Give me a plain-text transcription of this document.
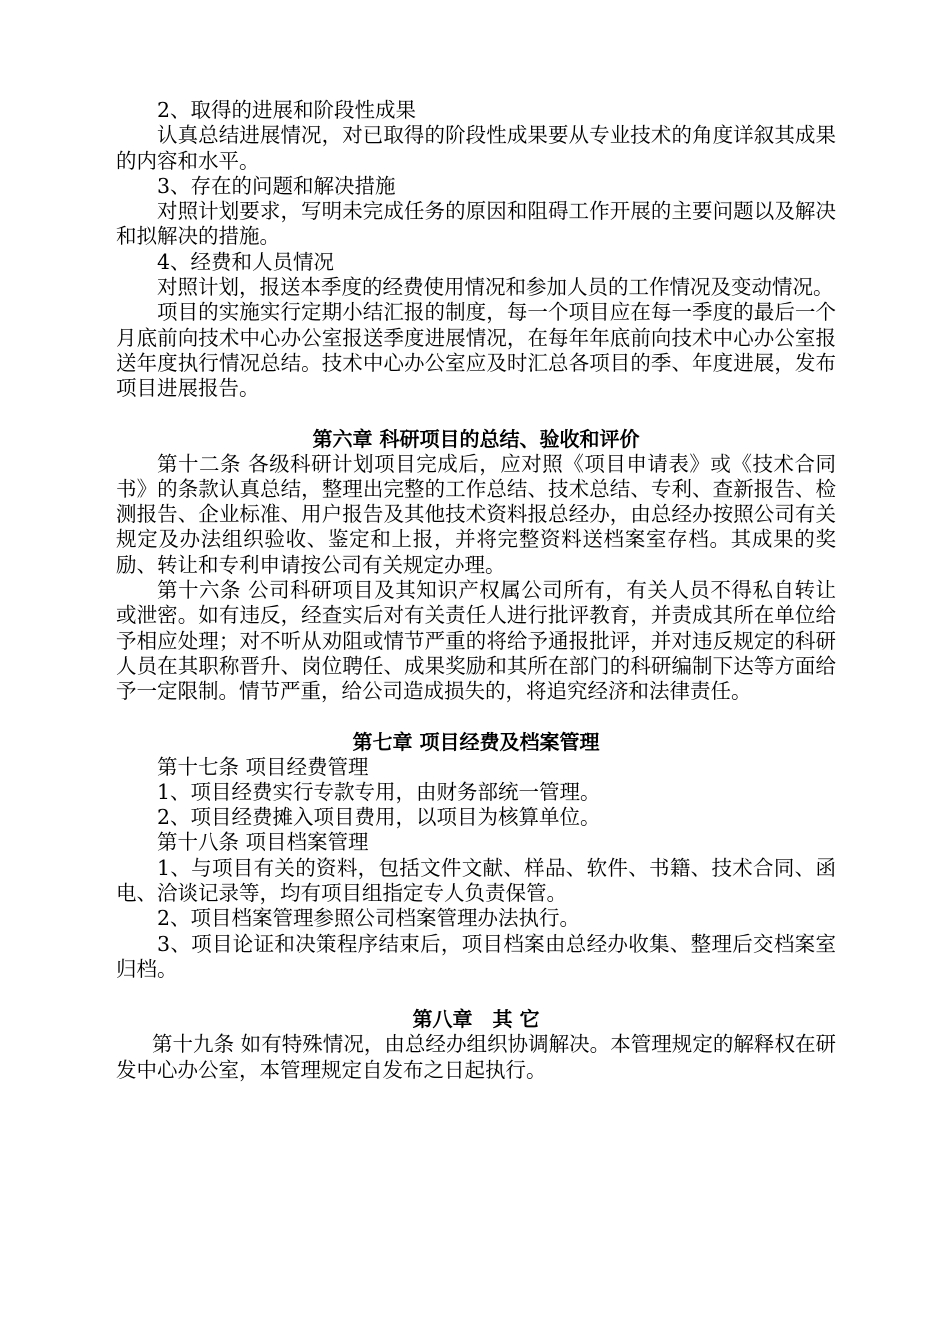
2、取得的进展和阶段性成果

认真总结进展情况，对已取得的阶段性成果要从专业技术的角度详叙其成果的内容和水平。

3、存在的问题和解决措施

对照计划要求，写明未完成任务的原因和阻碍工作开展的主要问题以及解决和拟解决的措施。

4、经费和人员情况

对照计划，报送本季度的经费使用情况和参加人员的工作情况及变动情况。

项目的实施实行定期小结汇报的制度，每一个项目应在每一季度的最后一个月底前向技术中心办公室报送季度进展情况，在每年年底前向技术中心办公室报送年度执行情况总结。技术中心办公室应及时汇总各项目的季、年度进展，发布项目进展报告。

第六章 科研项目的总结、验收和评价

第十二条 各级科研计划项目完成后，应对照《项目申请表》或《技术合同书》的条款认真总结，整理出完整的工作总结、技术总结、专利、查新报告、检测报告、企业标准、用户报告及其他技术资料报总经办，由总经办按照公司有关规定及办法组织验收、鉴定和上报，并将完整资料送档案室存档。其成果的奖励、转让和专利申请按公司有关规定办理。

第十六条 公司科研项目及其知识产权属公司所有，有关人员不得私自转让或泄密。如有违反，经查实后对有关责任人进行批评教育，并责成其所在单位给予相应处理；对不听从劝阻或情节严重的将给予通报批评，并对违反规定的科研人员在其职称晋升、岗位聘任、成果奖励和其所在部门的科研编制下达等方面给予一定限制。情节严重，给公司造成损失的，将追究经济和法律责任。

第七章 项目经费及档案管理

第十七条 项目经费管理

1、项目经费实行专款专用，由财务部统一管理。

2、项目经费摊入项目费用，以项目为核算单位。

第十八条 项目档案管理

1、与项目有关的资料，包括文件文献、样品、软件、书籍、技术合同、函电、洽谈记录等，均有项目组指定专人负责保管。

2、项目档案管理参照公司档案管理办法执行。

3、项目论证和决策程序结束后，项目档案由总经办收集、整理后交档案室归档。

第八章　其 它

第十九条 如有特殊情况，由总经办组织协调解决。本管理规定的解释权在研发中心办公室，本管理规定自发布之日起执行。
